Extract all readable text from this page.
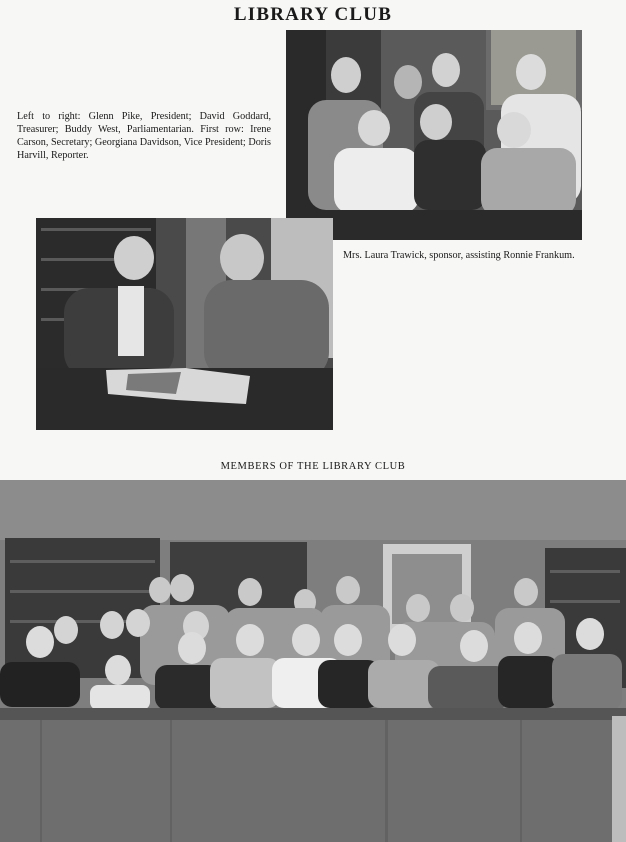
LIBRARY CLUB
Left to right: Glenn Pike, President; David Goddard, Treasurer; Buddy West, Parliamentarian. First row: Irene Carson, Secretary; Georgiana Davidson, Vice President; Doris Harvill, Reporter.
Mrs. Laura Trawick, sponsor, assisting Ronnie Frankum.
MEMBERS OF THE LIBRARY CLUB
